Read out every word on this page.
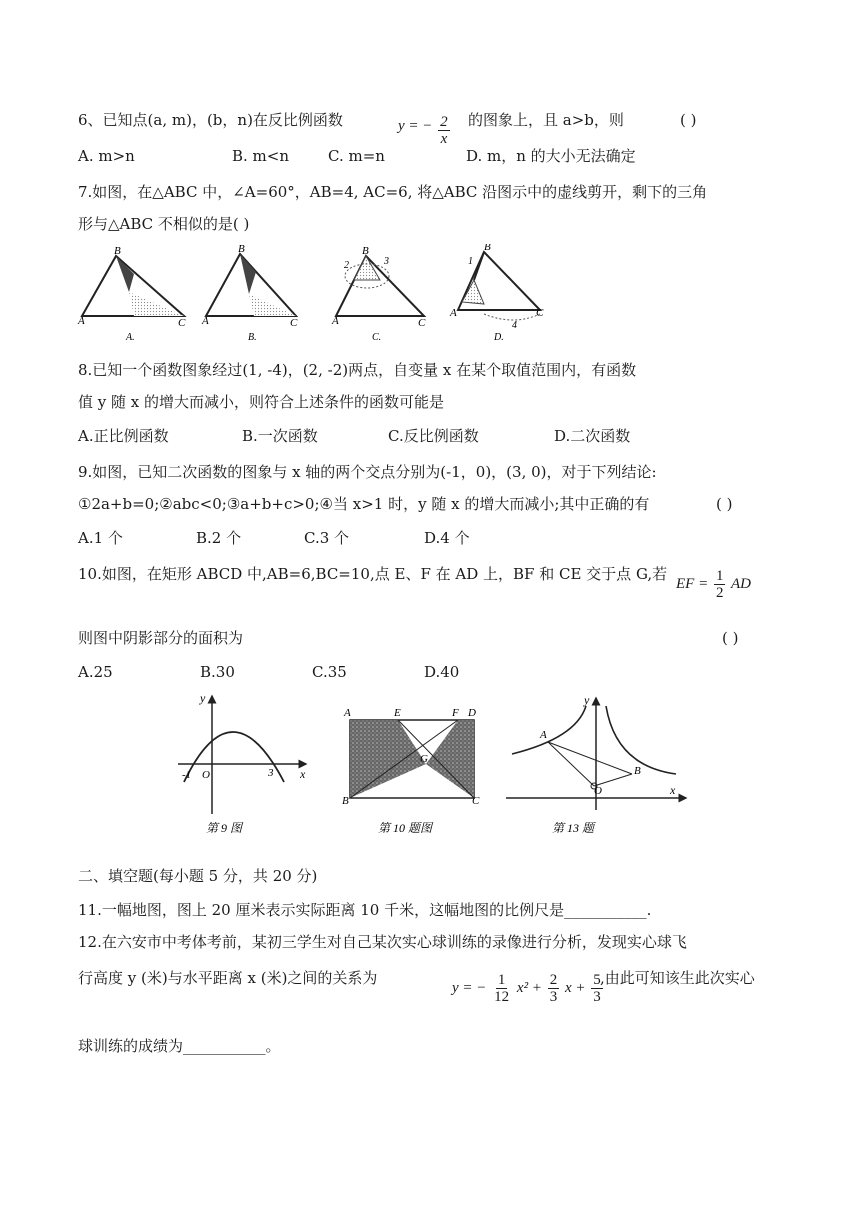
6、已知点(a, m)，(b，n)在反比例函数	y = − $\frac{2}{x}$ 的图象上，且 a>b，则	( )
A. m>n	B. m<n	C. m=n	D. m，n 的大小无法确定
7.如图，在△ABC 中，∠A=60°，AB=4, AC=6, 将△ABC 沿图示中的虚线剪开，剩下的三角
形与△ABC 不相似的是( )
A
B
C
A.
A
B
C
B.
A
B
C
2	3
C.
A
B
C
1
4
D.
8.已知一个函数图象经过(1, -4)，(2, -2)两点，自变量 x 在某个取值范围内，有函数
值 y 随 x 的增大而减小，则符合上述条件的函数可能是
A.正比例函数	B.一次函数	C.反比例函数	D.二次函数
9.如图，已知二次函数的图象与 x 轴的两个交点分别为(-1，0)，(3, 0)，对于下列结论:
①2a+b=0;②abc<0;③a+b+c>0;④当 x>1 时，y 随 x 的增大而减小;其中正确的有	( )
A.1 个	B.2 个	C.3 个	D.4 个
10.如图，在矩形 ABCD 中,AB=6,BC=10,点 E、F 在 AD 上，BF 和 CE 交于点 G,若
EF = $\frac{1}{2}$ AD
则图中阴影部分的面积为	( )
A.25	B.30	C.35	D.40
y
x
-1 O	3
第 9 图
A	E	F D
G
B	C
第 10 题图
y
A
B
O	x
第 13 题
二、填空题(每小题 5 分，共 20 分)
11.一幅地图，图上 20 厘米表示实际距离 10 千米，这幅地图的比例尺是___________.
12.在六安市中考体考前，某初三学生对自己某次实心球训练的录像进行分析，发现实心球飞
行高度 y (米)与水平距离 x (米)之间的关系为
y = − $\frac{1}{12} x^2 + \frac{2}{3}$ $x + \frac{5}{3}$
,由此可知该生此次实心
球训练的成绩为___________。
